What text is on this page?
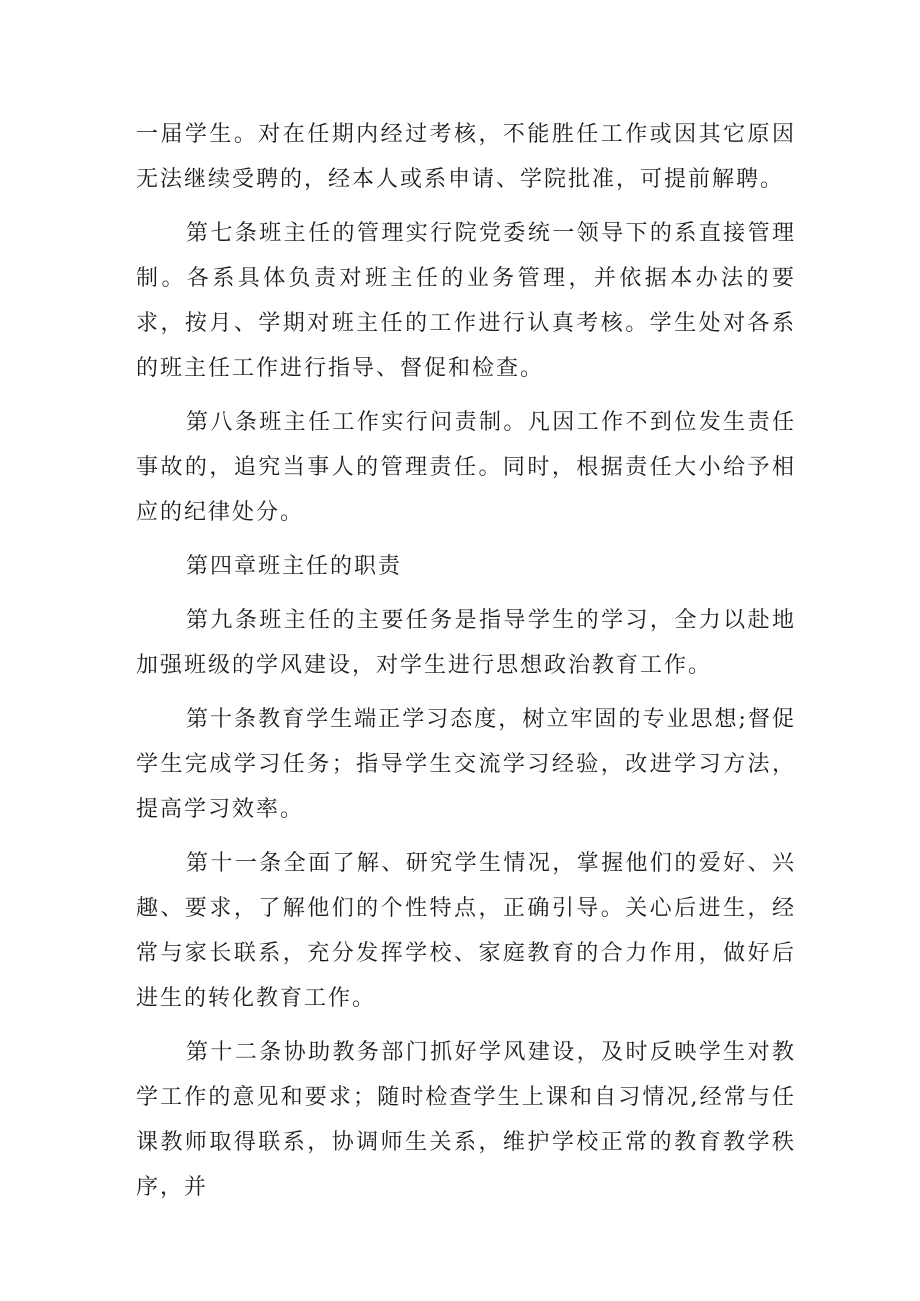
一届学生。对在任期内经过考核，不能胜任工作或因其它原因无法继续受聘的，经本人或系申请、学院批准，可提前解聘。

第七条班主任的管理实行院党委统一领导下的系直接管理制。各系具体负责对班主任的业务管理，并依据本办法的要求，按月、学期对班主任的工作进行认真考核。学生处对各系的班主任工作进行指导、督促和检查。

第八条班主任工作实行问责制。凡因工作不到位发生责任事故的，追究当事人的管理责任。同时，根据责任大小给予相应的纪律处分。

第四章班主任的职责

第九条班主任的主要任务是指导学生的学习，全力以赴地加强班级的学风建设，对学生进行思想政治教育工作。

第十条教育学生端正学习态度，树立牢固的专业思想;督促学生完成学习任务；指导学生交流学习经验，改进学习方法，提高学习效率。

第十一条全面了解、研究学生情况，掌握他们的爱好、兴趣、要求，了解他们的个性特点，正确引导。关心后进生，经常与家长联系，充分发挥学校、家庭教育的合力作用，做好后进生的转化教育工作。

第十二条协助教务部门抓好学风建设，及时反映学生对教学工作的意见和要求；随时检查学生上课和自习情况,经常与任课教师取得联系，协调师生关系，维护学校正常的教育教学秩序，并
